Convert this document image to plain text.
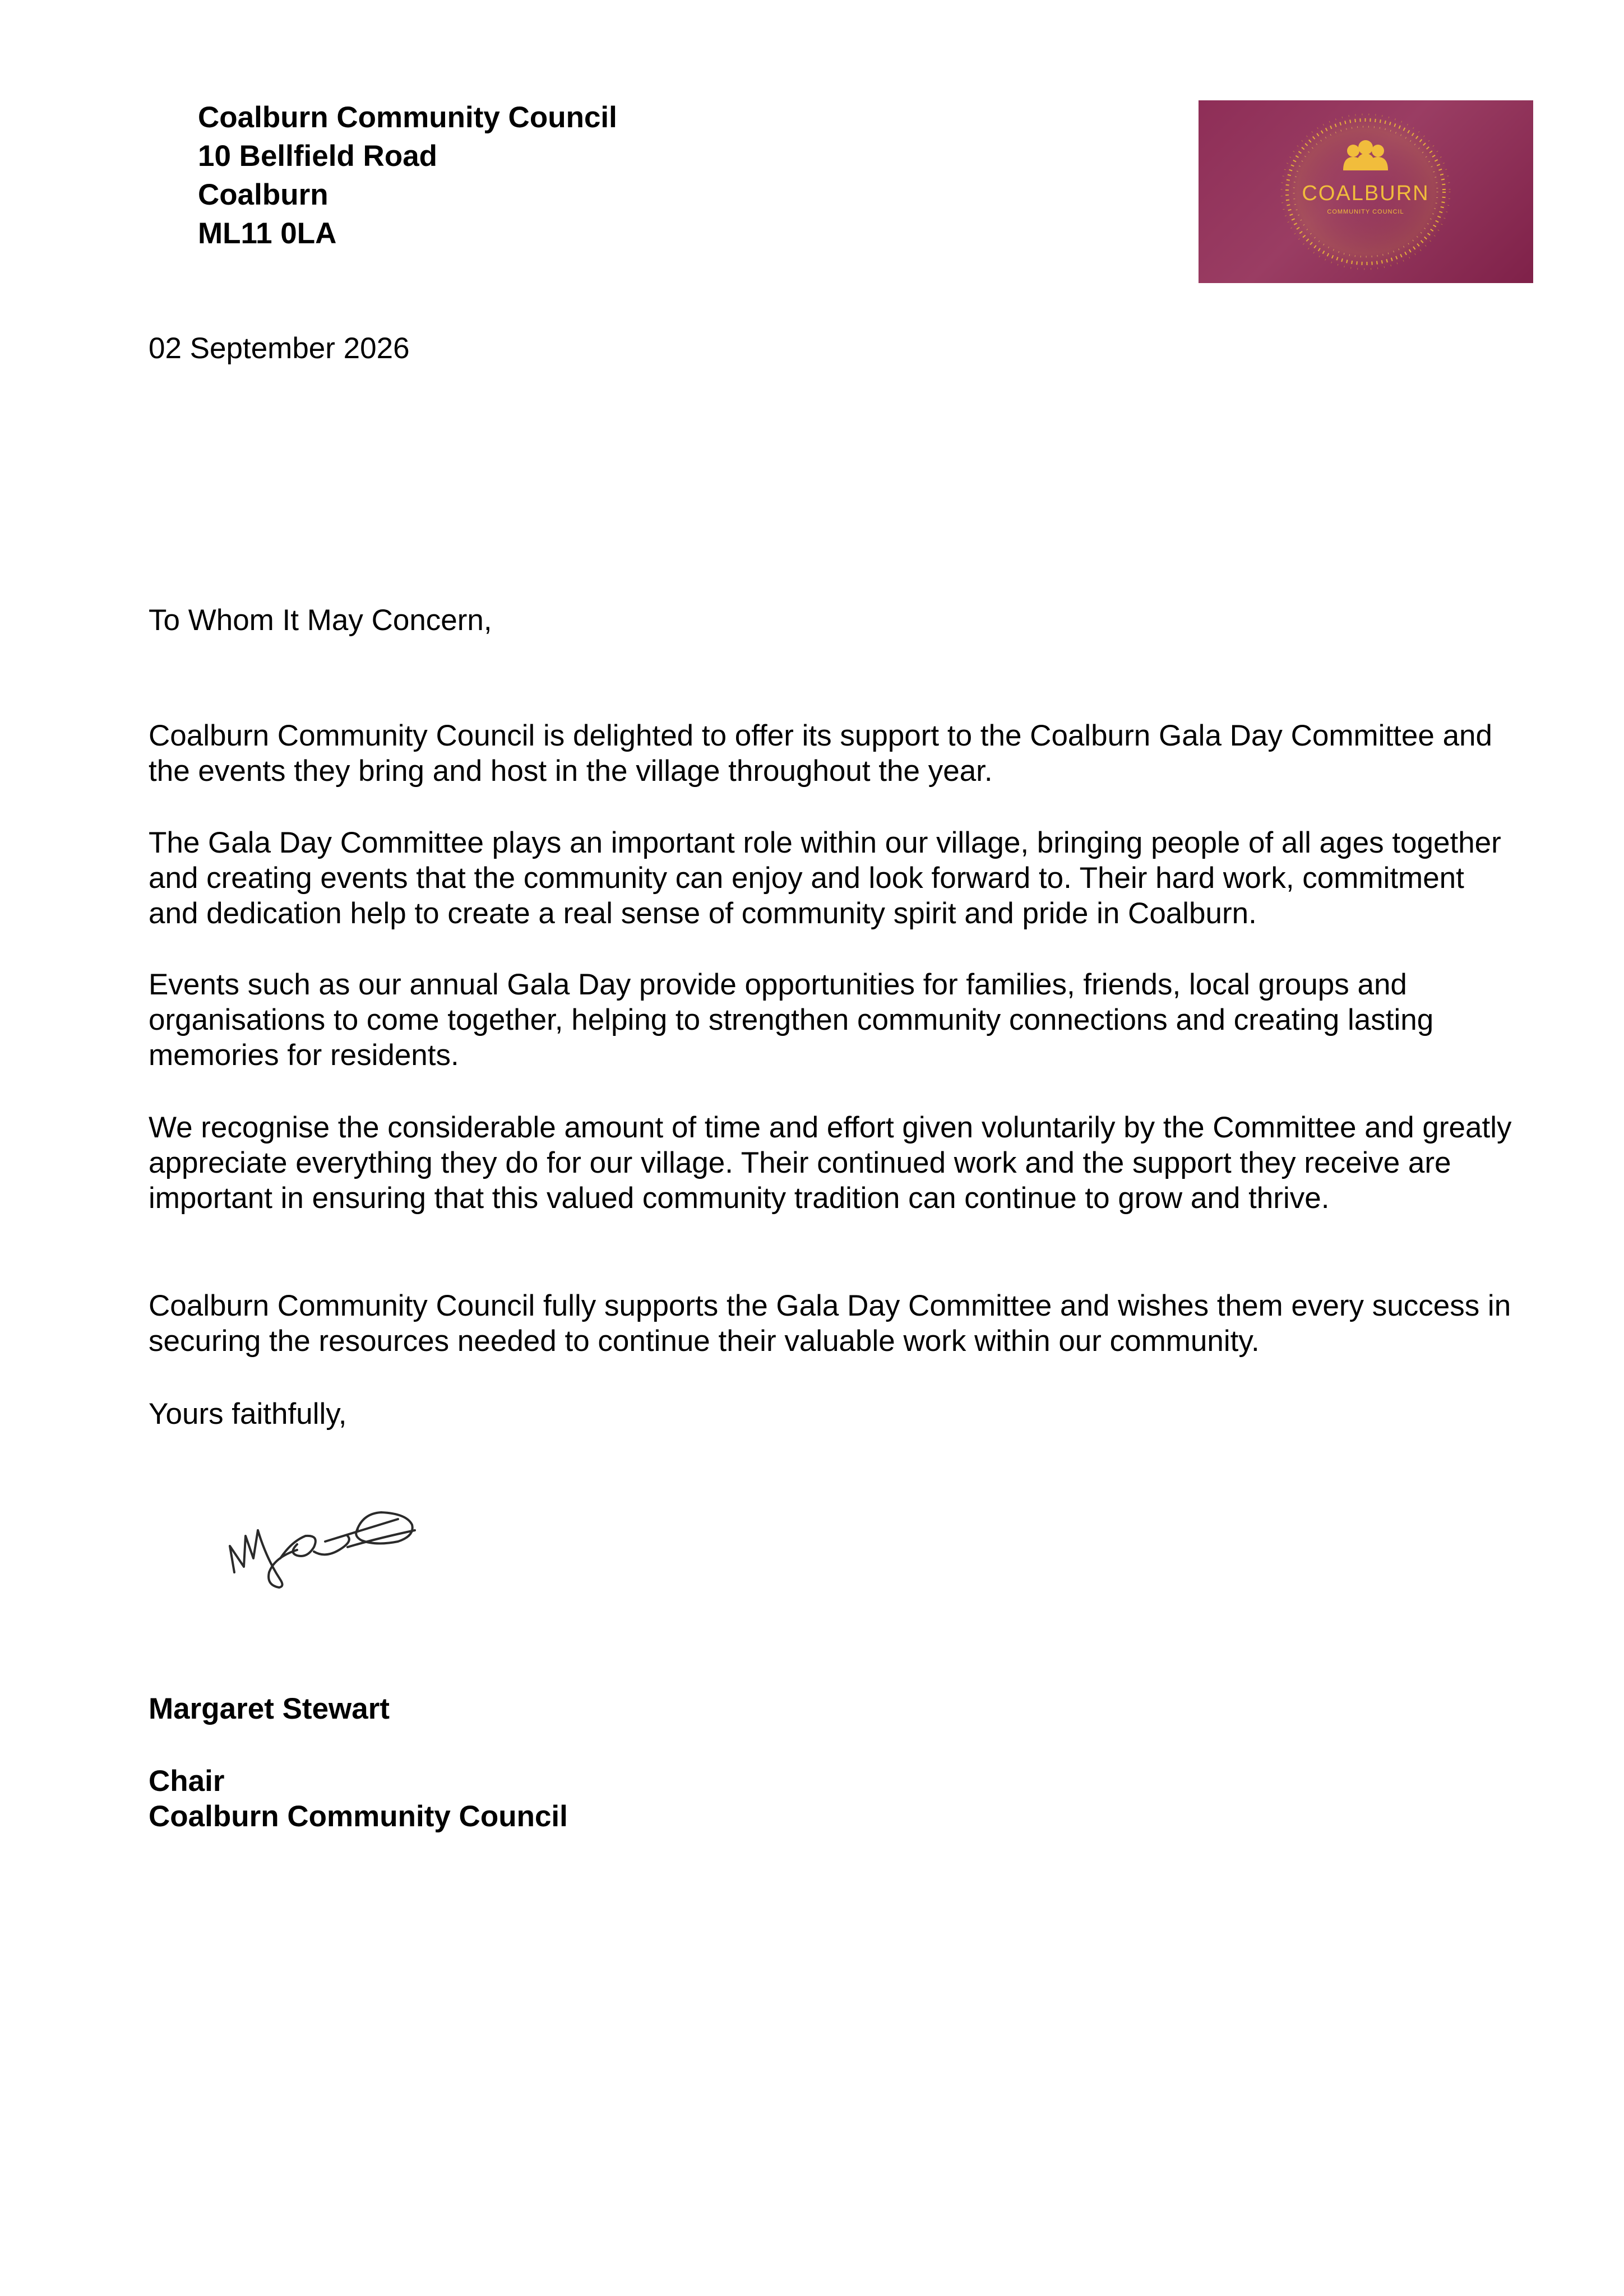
Coalburn Community Council
10 Bellfield Road
Coalburn
ML11 0LA
COALBURN
COMMUNITY COUNCIL
02 September 2026
To Whom It May Concern,

Coalburn Community Council is delighted to offer its support to the Coalburn Gala Day Committee and the events they bring and host in the village throughout the year.

The Gala Day Committee plays an important role within our village, bringing people of all ages together and creating events that the community can enjoy and look forward to. Their hard work, commitment and dedication help to create a real sense of community spirit and pride in Coalburn.

Events such as our annual Gala Day provide opportunities for families, friends, local groups and organisations to come together, helping to strengthen community connections and creating lasting memories for residents.

We recognise the considerable amount of time and effort given voluntarily by the Committee and greatly appreciate everything they do for our village. Their continued work and the support they receive are important in ensuring that this valued community tradition can continue to grow and thrive.

Coalburn Community Council fully supports the Gala Day Committee and wishes them every success in securing the resources needed to continue their valuable work within our community.

Yours faithfully,
Margaret Stewart
Chair
Coalburn Community Council
